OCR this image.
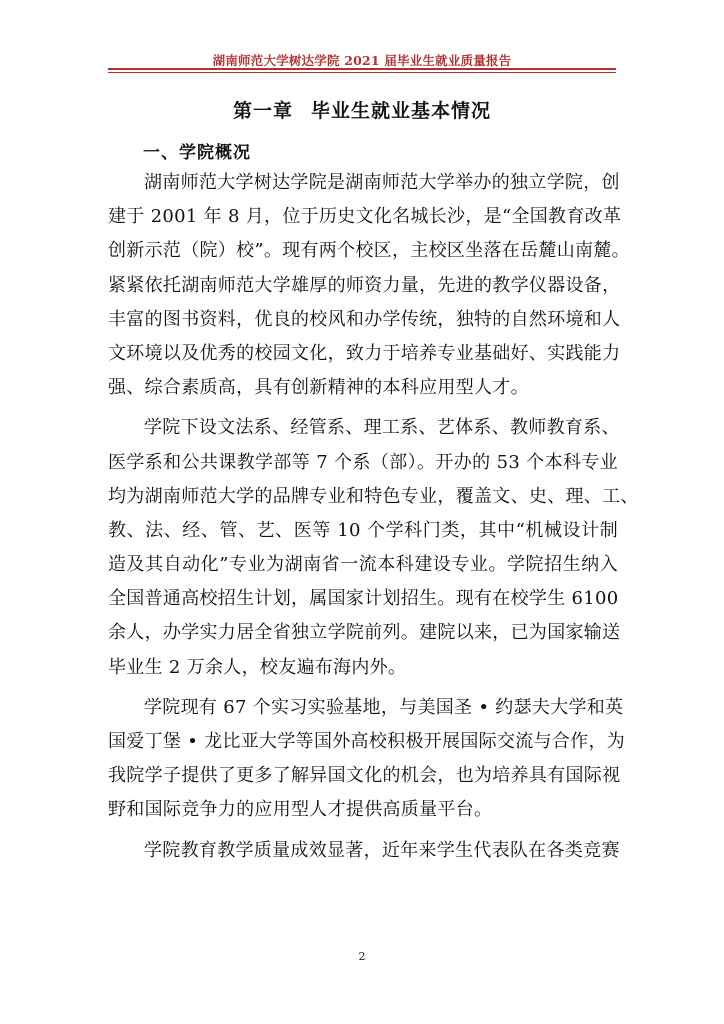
湖南师范大学树达学院 2021 届毕业生就业质量报告
第一章 毕业生就业基本情况
一、学院概况
湖南师范大学树达学院是湖南师范大学举办的独立学院，创
建于 2001 年 8 月，位于历史文化名城长沙，是“全国教育改革
创新示范（院）校”。现有两个校区，主校区坐落在岳麓山南麓。
紧紧依托湖南师范大学雄厚的师资力量，先进的教学仪器设备，
丰富的图书资料，优良的校风和办学传统，独特的自然环境和人
文环境以及优秀的校园文化，致力于培养专业基础好、实践能力
强、综合素质高，具有创新精神的本科应用型人才。
学院下设文法系、经管系、理工系、艺体系、教师教育系、
医学系和公共课教学部等 7 个系（部）。开办的 53 个本科专业
均为湖南师范大学的品牌专业和特色专业，覆盖文、史、理、工、
教、法、经、管、艺、医等 10 个学科门类，其中“机械设计制
造及其自动化”专业为湖南省一流本科建设专业。学院招生纳入
全国普通高校招生计划，属国家计划招生。现有在校学生 6100
余人，办学实力居全省独立学院前列。建院以来，已为国家输送
毕业生 2 万余人，校友遍布海内外。
学院现有 67 个实习实验基地，与美国圣 • 约瑟夫大学和英
国爱丁堡 • 龙比亚大学等国外高校积极开展国际交流与合作，为
我院学子提供了更多了解异国文化的机会，也为培养具有国际视
野和国际竞争力的应用型人才提供高质量平台。
学院教育教学质量成效显著，近年来学生代表队在各类竞赛
2
